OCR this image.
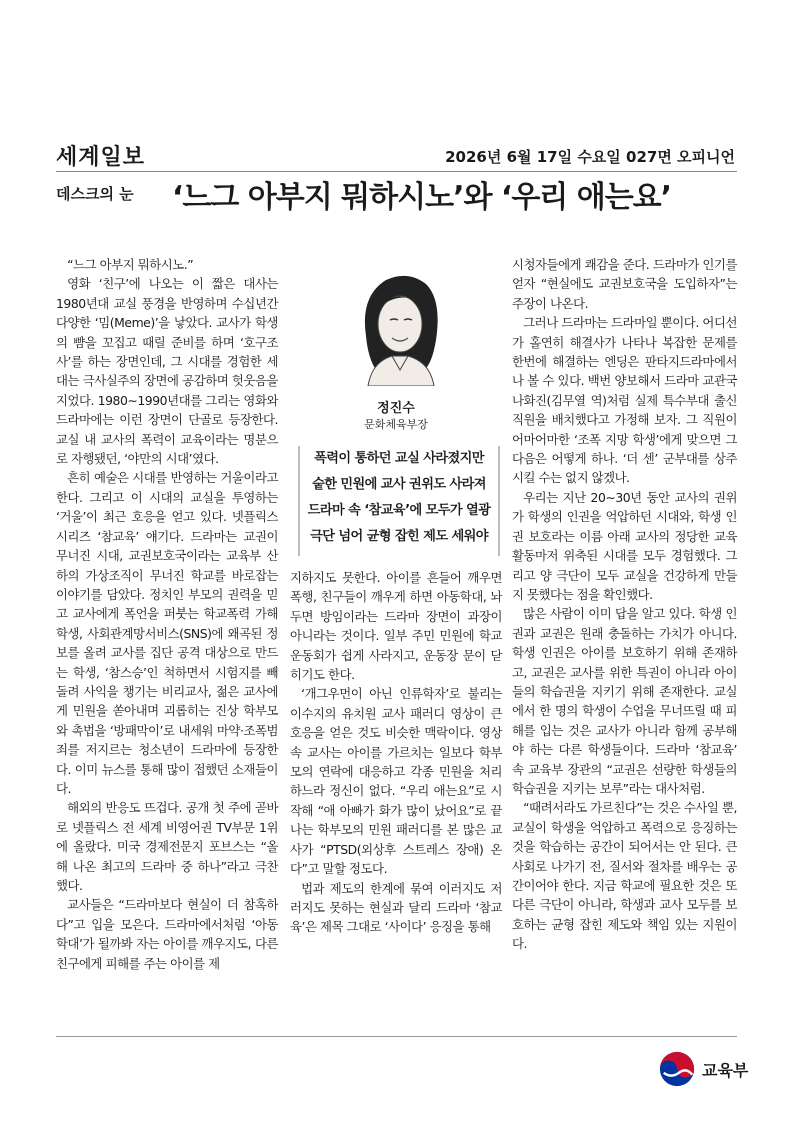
세계일보	2026년 6월 17일 수요일 027면 오피니언
데스크의 눈 ‘느그 아부지 뭐하시노’와 ‘우리 애는요’

“느그 아부지 뭐하시노.”

영화 ‘친구’에 나오는 이 짧은 대사는 1980년대 교실 풍경을 반영하며 수십년간 다양한 ‘밈(Meme)’을 낳았다. 교사가 학생의 뺨을 꼬집고 때릴 준비를 하며 ‘호구조사’를 하는 장면인데, 그 시대를 경험한 세대는 극사실주의 장면에 공감하며 헛웃음을 지었다. 1980∼1990년대를 그리는 영화와 드라마에는 이런 장면이 단골로 등장한다. 교실 내 교사의 폭력이 교육이라는 명분으로 자행됐던, ‘야만의 시대’였다.

흔히 예술은 시대를 반영하는 거울이라고 한다. 그리고 이 시대의 교실을 투영하는 ‘거울’이 최근 호응을 얻고 있다. 넷플릭스 시리즈 ‘참교육’ 얘기다. 드라마는 교권이 무너진 시대, 교권보호국이라는 교육부 산하의 가상조직이 무너진 학교를 바로잡는 이야기를 담았다. 정치인 부모의 권력을 믿고 교사에게 폭언을 퍼붓는 학교폭력 가해학생, 사회관계망서비스(SNS)에 왜곡된 정보를 올려 교사를 집단 공격 대상으로 만드는 학생, ‘참스승’인 척하면서 시험지를 빼돌려 사익을 챙기는 비리교사, 젊은 교사에게 민원을 쏟아내며 괴롭히는 진상 학부모와 촉법을 ‘방패막이’로 내세워 마약·조폭범죄를 저지르는 청소년이 드라마에 등장한다. 이미 뉴스를 통해 많이 접했던 소재들이다.

해외의 반응도 뜨겁다. 공개 첫 주에 곧바로 넷플릭스 전 세계 비영어권 TV부문 1위에 올랐다. 미국 경제전문지 포브스는 “올해 나온 최고의 드라마 중 하나”라고 극찬했다.

교사들은 “드라마보다 현실이 더 참혹하다”고 입을 모은다. 드라마에서처럼 ‘아동학대’가 될까봐 자는 아이를 깨우지도, 다른 친구에게 피해를 주는 아이를 제

정진수
문화체육부장
폭력이 통하던 교실 사라졌지만
숱한 민원에 교사 권위도 사라져
드라마 속 ‘참교육’에 모두가 열광
극단 넘어 균형 잡힌 제도 세워야

지하지도 못한다. 아이를 흔들어 깨우면 폭행, 친구들이 깨우게 하면 아동학대, 놔두면 방임이라는 드라마 장면이 과장이 아니라는 것이다. 일부 주민 민원에 학교 운동회가 쉽게 사라지고, 운동장 문이 닫히기도 한다.

‘개그우먼이 아닌 인류학자’로 불리는 이수지의 유치원 교사 패러디 영상이 큰 호응을 얻은 것도 비슷한 맥락이다. 영상 속 교사는 아이를 가르치는 일보다 학부모의 연락에 대응하고 각종 민원을 처리하느라 정신이 없다. “우리 애는요”로 시작해 “애 아빠가 화가 많이 났어요”로 끝나는 학부모의 민원 패러디를 본 많은 교사가 “PTSD(외상후 스트레스 장애) 온다”고 말할 정도다.

법과 제도의 한계에 묶여 이러지도 저러지도 못하는 현실과 달리 드라마 ‘참교육’은 제목 그대로 ‘사이다’ 응징을 통해

시청자들에게 쾌감을 준다. 드라마가 인기를 얻자 “현실에도 교권보호국을 도입하자”는 주장이 나온다.

그러나 드라마는 드라마일 뿐이다. 어디선가 홀연히 해결사가 나타나 복잡한 문제를 한번에 해결하는 엔딩은 판타지드라마에서나 볼 수 있다. 백번 양보해서 드라마 교관국 나화진(김무열 역)처럼 실제 특수부대 출신 직원을 배치했다고 가정해 보자. 그 직원이 어마어마한 ‘조폭 지망 학생’에게 맞으면 그다음은 어떻게 하나. ‘더 센’ 군부대를 상주시킬 수는 없지 않겠나.

우리는 지난 20∼30년 동안 교사의 권위가 학생의 인권을 억압하던 시대와, 학생 인권 보호라는 이름 아래 교사의 정당한 교육활동마저 위축된 시대를 모두 경험했다. 그리고 양 극단이 모두 교실을 건강하게 만들지 못했다는 점을 확인했다.

많은 사람이 이미 답을 알고 있다. 학생 인권과 교권은 원래 충돌하는 가치가 아니다. 학생 인권은 아이를 보호하기 위해 존재하고, 교권은 교사를 위한 특권이 아니라 아이들의 학습권을 지키기 위해 존재한다. 교실에서 한 명의 학생이 수업을 무너뜨릴 때 피해를 입는 것은 교사가 아니라 함께 공부해야 하는 다른 학생들이다. 드라마 ‘참교육’ 속 교육부 장관의 “교권은 선량한 학생들의 학습권을 지키는 보루”라는 대사처럼.

“때려서라도 가르친다”는 것은 수사일 뿐, 교실이 학생을 억압하고 폭력으로 응징하는 것을 학습하는 공간이 되어서는 안 된다. 큰 사회로 나가기 전, 질서와 절차를 배우는 공간이어야 한다. 지금 학교에 필요한 것은 또 다른 극단이 아니라, 학생과 교사 모두를 보호하는 균형 잡힌 제도와 책임 있는 지원이다.

교육부
